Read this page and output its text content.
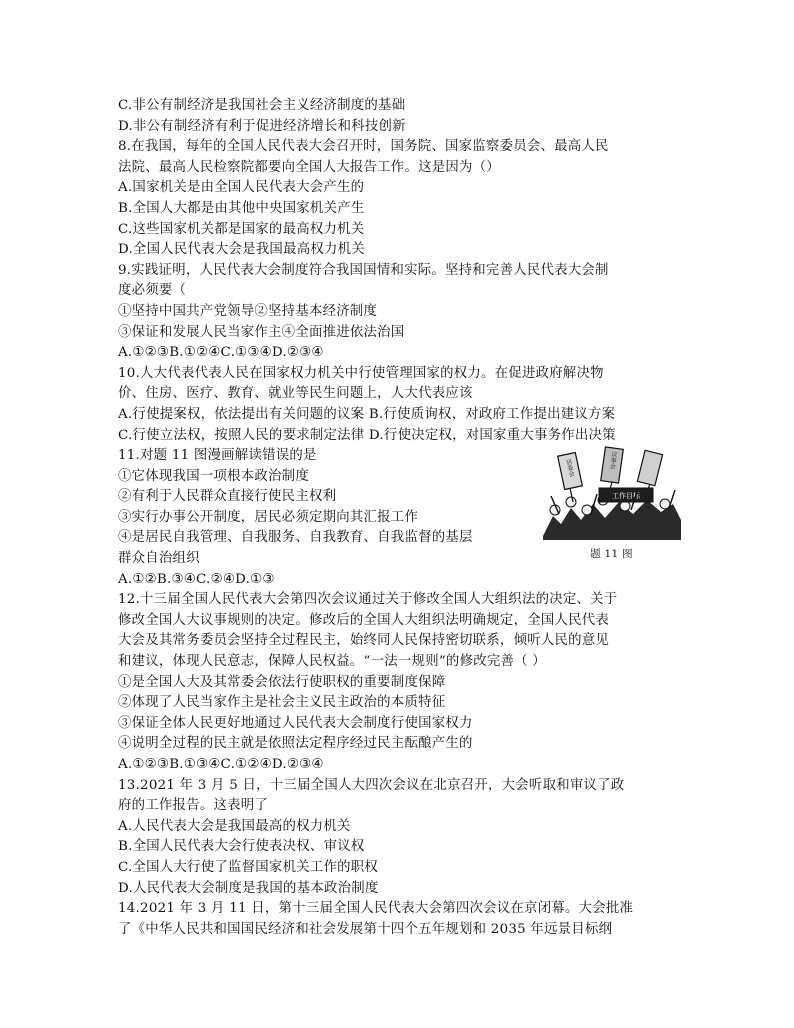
C.非公有制经济是我国社会主义经济制度的基础
D.非公有制经济有利于促进经济增长和科技创新
8.在我国，每年的全国人民代表大会召开时，国务院、国家监察委员会、最高人民
法院、最高人民检察院都要向全国人大报告工作。这是因为（）
A.国家机关是由全国人民代表大会产生的
B.全国人大都是由其他中央国家机关产生
C.这些国家机关都是国家的最高权力机关
D.全国人民代表大会是我国最高权力机关
9.实践证明，人民代表大会制度符合我国国情和实际。坚持和完善人民代表大会制
度必须要（
①坚持中国共产党领导②坚持基本经济制度
③保证和发展人民当家作主④全面推进依法治国
A.①②③B.①②④C.①③④D.②③④
10.人大代表代表人民在国家权力机关中行使管理国家的权力。在促进政府解决物
价、住房、医疗、教育、就业等民生问题上，人大代表应该
A.行使提案权，依法提出有关问题的议案 B.行使质询权，对政府工作提出建议方案
C.行使立法权，按照人民的要求制定法律 D.行使决定权，对国家重大事务作出决策
11.对题 11 图漫画解读错误的是
①它体现我国一项根本政治制度
②有利于人民群众直接行使民主权利
③实行办事公开制度，居民必须定期向其汇报工作
④是居民自我管理、自我服务、自我教育、自我监督的基层
群众自治组织
A.①②B.③④C.②④D.①③
12.十三届全国人民代表大会第四次会议通过关于修改全国人大组织法的决定、关于
修改全国人大议事规则的决定。修改后的全国人大组织法明确规定，全国人民代表
大会及其常务委员会坚持全过程民主，始终同人民保持密切联系，倾听人民的意见
和建议，体现人民意志，保障人民权益。“一法一规则”的修改完善（ ）
①是全国人大及其常委会依法行使职权的重要制度保障
②体现了人民当家作主是社会主义民主政治的本质特征
③保证全体人民更好地通过人民代表大会制度行使国家权力
④说明全过程的民主就是依照法定程序经过民主酝酿产生的
A.①②③B.①③④C.①②④D.②③④
13.2021 年 3 月 5 日，十三届全国人大四次会议在北京召开，大会听取和审议了政
府的工作报告。这表明了
A.人民代表大会是我国最高的权力机关
B.全国人民代表大会行使表决权、审议权
C.全国人大行使了监督国家机关工作的职权
D.人民代表大会制度是我国的基本政治制度
14.2021 年 3 月 11 日，第十三届全国人民代表大会第四次会议在京闭幕。大会批准
了《中华人民共和国国民经济和社会发展第十四个五年规划和 2035 年远景目标纲
居委会	议事会
工作目标
题 11 图
